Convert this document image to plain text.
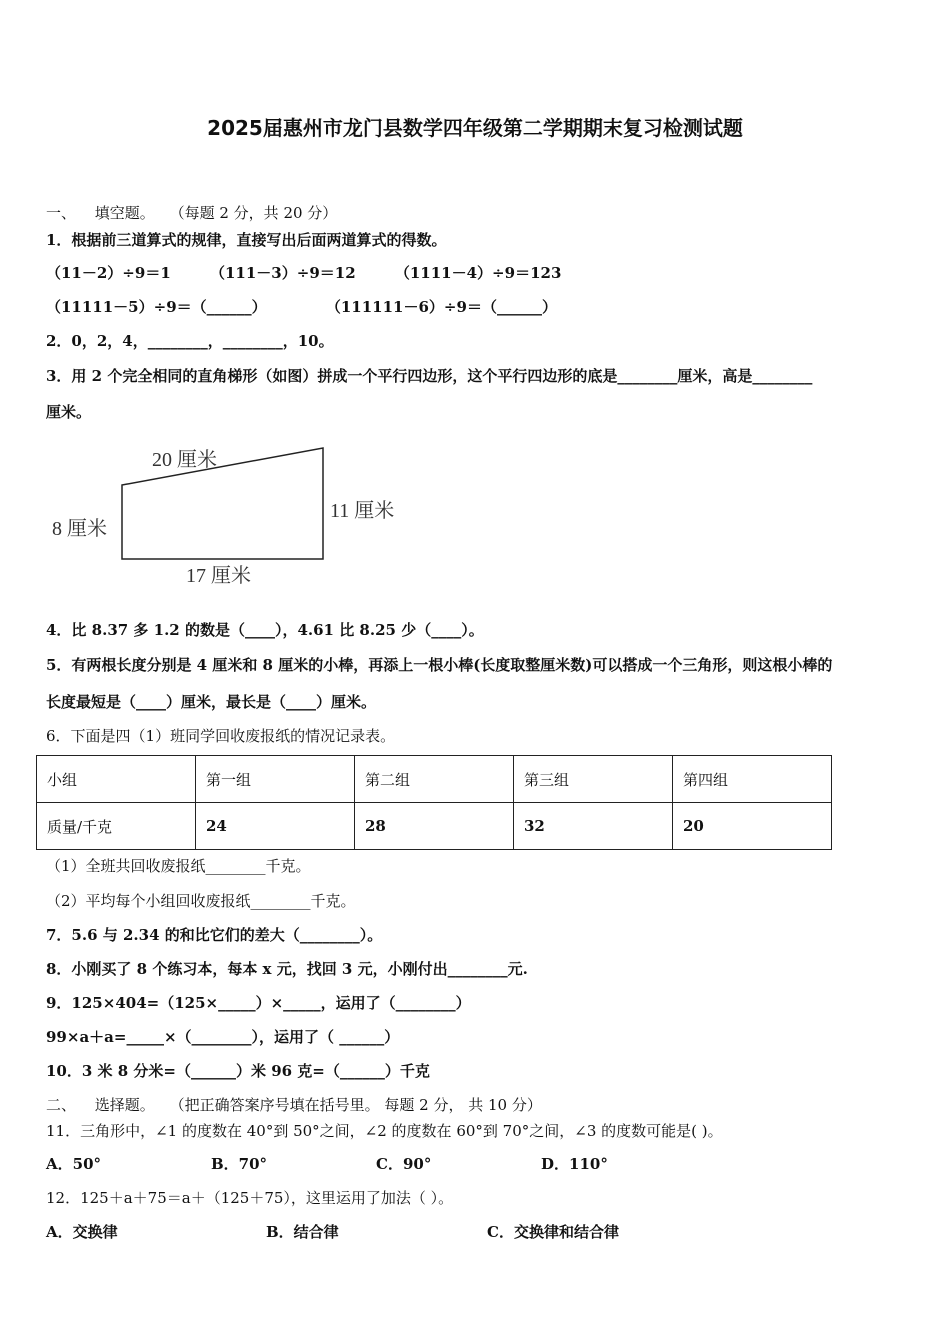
2025届惠州市龙门县数学四年级第二学期期末复习检测试题
一、 填空题。 （每题 2 分，共 20 分）
1．根据前三道算式的规律，直接写出后面两道算式的得数。
（11－2）÷9＝1	（111－3）÷9＝12	（1111－4）÷9＝123
（11111－5）÷9＝（______）	（111111－6）÷9＝（______）
2．0，2，4，________，________，10。
3．用 2 个完全相同的直角梯形（如图）拼成一个平行四边形，这个平行四边形的底是________厘米，高是________
厘米。
20 厘米
8 厘米
11 厘米
17 厘米
4．比 8.37 多 1.2 的数是（____），4.61 比 8.25 少（____）。
5．有两根长度分别是 4 厘米和 8 厘米的小棒，再添上一根小棒(长度取整厘米数)可以搭成一个三角形，则这根小棒的
长度最短是（____）厘米，最长是（____）厘米。
6．下面是四（1）班同学回收废报纸的情况记录表。
小组	第一组	第二组	第三组	第四组
质量/千克	24	28	32	20
（1）全班共回收废报纸________千克。
（2）平均每个小组回收废报纸________千克。
7．5.6 与 2.34 的和比它们的差大（________）。
8．小刚买了 8 个练习本，每本 x 元，找回 3 元，小刚付出________元.
9．125×404=（125×_____）×_____，运用了（________）
99×a＋a=_____×（________），运用了（ ______）
10．3 米 8 分米=（______）米 96 克=（______）千克
二、 选择题。 （把正确答案序号填在括号里。 每题 2 分， 共 10 分）
11．三角形中，∠1 的度数在 40°到 50°之间，∠2 的度数在 60°到 70°之间，∠3 的度数可能是( )。
A．50°	B．70°	C．90°	D．110°
12．125＋a＋75＝a＋（125＋75），这里运用了加法（ ）。
A．交换律	B．结合律	C．交换律和结合律
